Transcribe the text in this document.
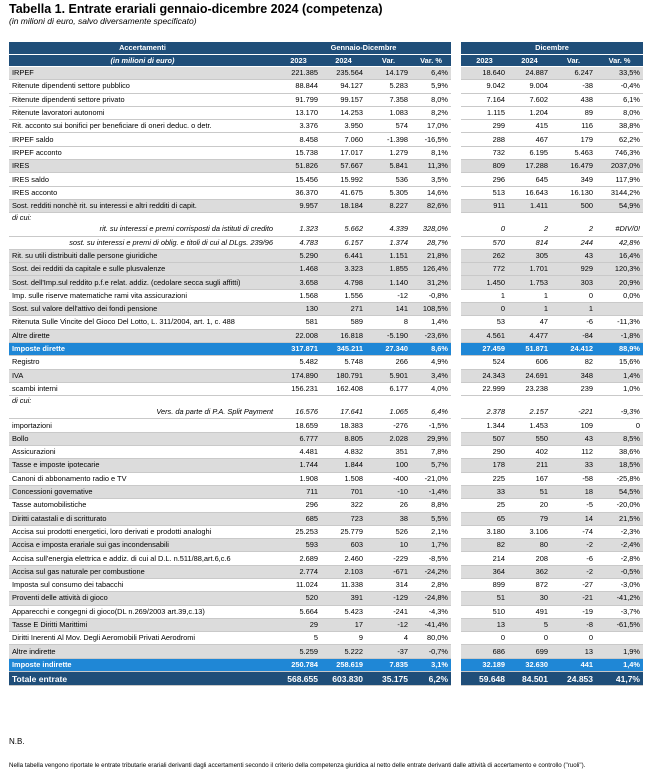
Tabella 1. Entrate erariali gennaio-dicembre 2024 (competenza)
(in milioni di euro, salvo diversamente specificato)
Accertamenti	Gennaio-Dicembre					Dicembre			
(in milioni di euro)	2023	2024	Var.	Var. %		2023	2024	Var.	Var. %
IRPEF	221.385	235.564	14.179	6,4%		18.640	24.887	6.247	33,5%
Ritenute dipendenti settore pubblico	88.844	94.127	5.283	5,9%		9.042	9.004	-38	-0,4%
Ritenute dipendenti settore privato	91.799	99.157	7.358	8,0%		7.164	7.602	438	6,1%
Ritenute lavoratori autonomi	13.170	14.253	1.083	8,2%		1.115	1.204	89	8,0%
Rit. acconto sui bonifici per beneficiare di oneri deduc. o detr.	3.376	3.950	574	17,0%		299	415	116	38,8%
IRPEF saldo	8.458	7.060	-1.398	-16,5%		288	467	179	62,2%
IRPEF acconto	15.738	17.017	1.279	8,1%		732	6.195	5.463	746,3%
IRES	51.826	57.667	5.841	11,3%		809	17.288	16.479	2037,0%
IRES saldo	15.456	15.992	536	3,5%		296	645	349	117,9%
IRES acconto	36.370	41.675	5.305	14,6%		513	16.643	16.130	3144,2%
Sost. redditi nonchè rit. su interessi e altri redditi di capit.	9.957	18.184	8.227	82,6%		911	1.411	500	54,9%
di cui:									
rit. su interessi e premi corrisposti da istituti di credito	1.323	5.662	4.339	328,0%		0	2	2	#DIV/0!
sost. su interessi e premi di oblig. e titoli di cui al DLgs. 239/96	4.783	6.157	1.374	28,7%		570	814	244	42,8%
Rit. su utili distribuiti dalle persone giuridiche	5.290	6.441	1.151	21,8%		262	305	43	16,4%
Sost. dei redditi da capitale e sulle plusvalenze	1.468	3.323	1.855	126,4%		772	1.701	929	120,3%
Sost. dell'Imp.sul reddito p.f.e relat. addiz. (cedolare secca sugli affitti)	3.658	4.798	1.140	31,2%		1.450	1.753	303	20,9%
Imp. sulle riserve matematiche rami vita assicurazioni	1.568	1.556	-12	-0,8%		1	1	0	0,0%
Sost. sul valore dell'attivo dei fondi pensione	130	271	141	108,5%		0	1	1	
Ritenuta Sulle Vincite del Gioco Del Lotto, L. 311/2004, art. 1, c. 488	581	589	8	1,4%		53	47	-6	-11,3%
Altre dirette	22.008	16.818	-5.190	-23,6%		4.561	4.477	-84	-1,8%
Imposte dirette	317.871	345.211	27.340	8,6%		27.459	51.871	24.412	88,9%
Registro	5.482	5.748	266	4,9%		524	606	82	15,6%
IVA	174.890	180.791	5.901	3,4%		24.343	24.691	348	1,4%
scambi interni	156.231	162.408	6.177	4,0%		22.999	23.238	239	1,0%
di cui:									
Vers. da parte di P.A. Split Payment	16.576	17.641	1.065	6,4%		2.378	2.157	-221	-9,3%
importazioni	18.659	18.383	-276	-1,5%		1.344	1.453	109	0
Bollo	6.777	8.805	2.028	29,9%		507	550	43	8,5%
Assicurazioni	4.481	4.832	351	7,8%		290	402	112	38,6%
Tasse e imposte ipotecarie	1.744	1.844	100	5,7%		178	211	33	18,5%
Canoni di abbonamento radio e TV	1.908	1.508	-400	-21,0%		225	167	-58	-25,8%
Concessioni governative	711	701	-10	-1,4%		33	51	18	54,5%
Tasse automobilistiche	296	322	26	8,8%		25	20	-5	-20,0%
Diritti catastali e di scritturato	685	723	38	5,5%		65	79	14	21,5%
Accisa sui prodotti energetici, loro derivati e prodotti analoghi	25.253	25.779	526	2,1%		3.180	3.106	-74	-2,3%
Accisa e imposta erariale sui gas incondensabili	593	603	10	1,7%		82	80	-2	-2,4%
Accisa sull'energia elettrica e addiz. di cui al D.L. n.511/88,art.6,c.6	2.689	2.460	-229	-8,5%		214	208	-6	-2,8%
Accisa sul gas naturale per combustione	2.774	2.103	-671	-24,2%		364	362	-2	-0,5%
Imposta sul consumo dei tabacchi	11.024	11.338	314	2,8%		899	872	-27	-3,0%
Proventi delle attività di gioco	520	391	-129	-24,8%		51	30	-21	-41,2%
Apparecchi e congegni di gioco(DL n.269/2003 art.39,c.13)	5.664	5.423	-241	-4,3%		510	491	-19	-3,7%
Tasse E Diritti Marittimi	29	17	-12	-41,4%		13	5	-8	-61,5%
Diritti Inerenti Al Mov. Degli Aeromobili Privati Aerodromi	5	9	4	80,0%		0	0	0	
Altre indirette	5.259	5.222	-37	-0,7%		686	699	13	1,9%
Imposte indirette	250.784	258.619	7.835	3,1%		32.189	32.630	441	1,4%
Totale entrate	568.655	603.830	35.175	6,2%		59.648	84.501	24.853	41,7%
N.B.
Nella tabella vengono riportate le entrate tributarie erariali derivanti dagli accertamenti secondo il criterio della competenza giuridica al netto delle entrate derivanti dalle attività di accertamento e controllo ("ruoli").
